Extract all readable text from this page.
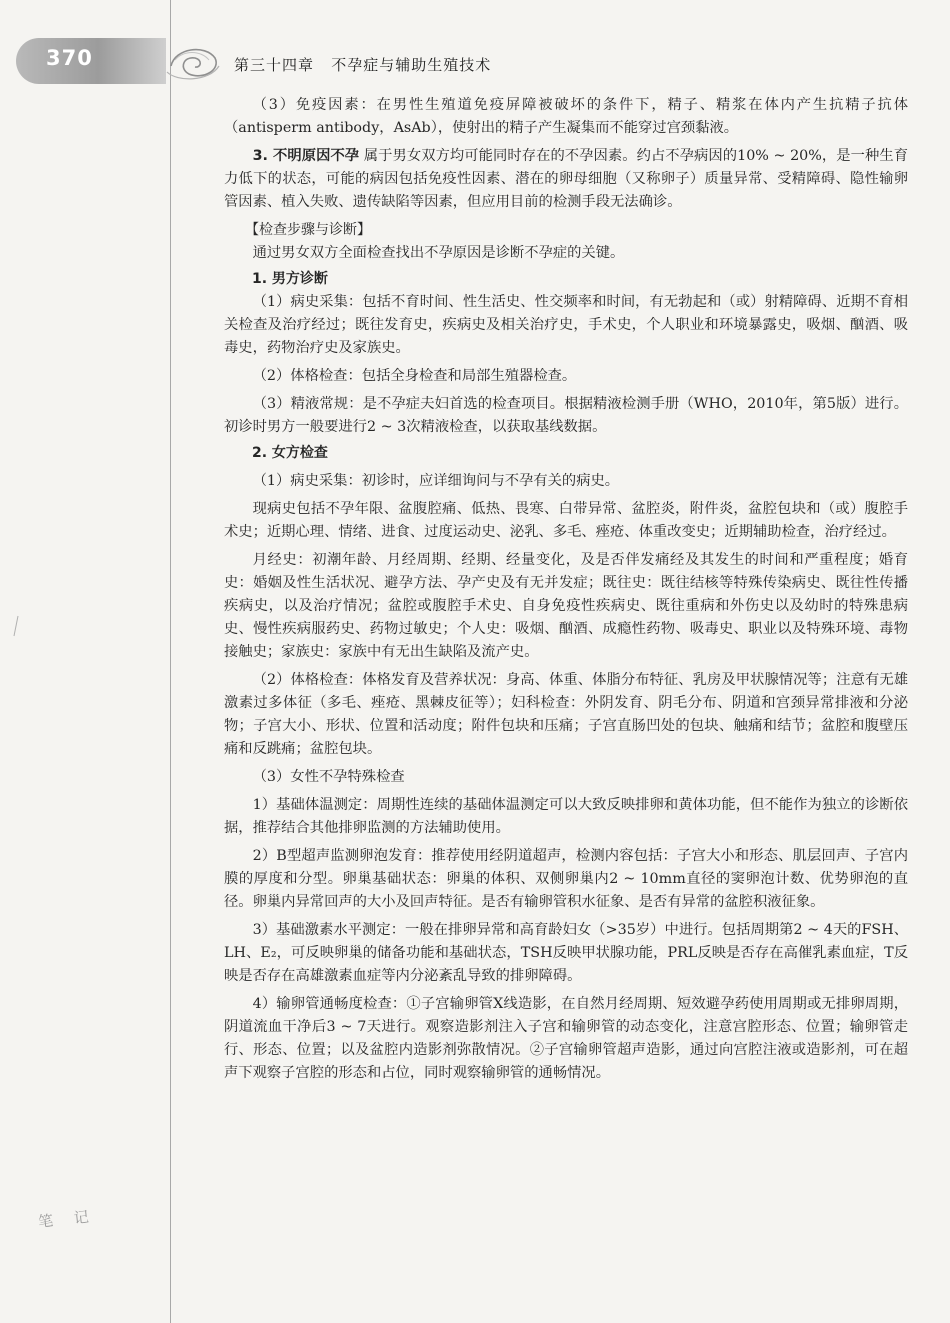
370	第三十四章   不孕症与辅助生殖技术

（3）免疫因素：在男性生殖道免疫屏障被破坏的条件下，精子、精浆在体内产生抗精子抗体（antisperm antibody，AsAb），使射出的精子产生凝集而不能穿过宫颈黏液。

3. 不明原因不孕 属于男女双方均可能同时存在的不孕因素。约占不孕病因的10% ~ 20%，是一种生育力低下的状态，可能的病因包括免疫性因素、潜在的卵母细胞（又称卵子）质量异常、受精障碍、隐性输卵管因素、植入失败、遗传缺陷等因素，但应用目前的检测手段无法确诊。

【检查步骤与诊断】

通过男女双方全面检查找出不孕原因是诊断不孕症的关键。

1. 男方诊断

（1）病史采集：包括不育时间、性生活史、性交频率和时间，有无勃起和（或）射精障碍、近期不育相关检查及治疗经过；既往发育史，疾病史及相关治疗史，手术史，个人职业和环境暴露史，吸烟、酗酒、吸毒史，药物治疗史及家族史。

（2）体格检查：包括全身检查和局部生殖器检查。

（3）精液常规：是不孕症夫妇首选的检查项目。根据精液检测手册（WHO，2010年，第5版）进行。初诊时男方一般要进行2 ~ 3次精液检查，以获取基线数据。

2. 女方检查

（1）病史采集：初诊时，应详细询问与不孕有关的病史。

现病史包括不孕年限、盆腹腔痛、低热、畏寒、白带异常、盆腔炎，附件炎，盆腔包块和（或）腹腔手术史；近期心理、情绪、进食、过度运动史、泌乳、多毛、痤疮、体重改变史；近期辅助检查，治疗经过。

月经史：初潮年龄、月经周期、经期、经量变化，及是否伴发痛经及其发生的时间和严重程度；婚育史：婚姻及性生活状况、避孕方法、孕产史及有无并发症；既往史：既往结核等特殊传染病史、既往性传播疾病史，以及治疗情况；盆腔或腹腔手术史、自身免疫性疾病史、既往重病和外伤史以及幼时的特殊患病史、慢性疾病服药史、药物过敏史；个人史：吸烟、酗酒、成瘾性药物、吸毒史、职业以及特殊环境、毒物接触史；家族史：家族中有无出生缺陷及流产史。

（2）体格检查：体格发育及营养状况：身高、体重、体脂分布特征、乳房及甲状腺情况等；注意有无雄激素过多体征（多毛、痤疮、黑棘皮征等）；妇科检查：外阴发育、阴毛分布、阴道和宫颈异常排液和分泌物；子宫大小、形状、位置和活动度；附件包块和压痛；子宫直肠凹处的包块、触痛和结节；盆腔和腹壁压痛和反跳痛；盆腔包块。

（3）女性不孕特殊检查

1）基础体温测定：周期性连续的基础体温测定可以大致反映排卵和黄体功能，但不能作为独立的诊断依据，推荐结合其他排卵监测的方法辅助使用。

2）B型超声监测卵泡发育：推荐使用经阴道超声，检测内容包括：子宫大小和形态、肌层回声、子宫内膜的厚度和分型。卵巢基础状态：卵巢的体积、双侧卵巢内2 ~ 10mm直径的窦卵泡计数、优势卵泡的直径。卵巢内异常回声的大小及回声特征。是否有输卵管积水征象、是否有异常的盆腔积液征象。

3）基础激素水平测定：一般在排卵异常和高育龄妇女（>35岁）中进行。包括周期第2 ~ 4天的FSH、LH、E₂，可反映卵巢的储备功能和基础状态，TSH反映甲状腺功能，PRL反映是否存在高催乳素血症，T反映是否存在高雄激素血症等内分泌紊乱导致的排卵障碍。

4）输卵管通畅度检查：①子宫输卵管X线造影，在自然月经周期、短效避孕药使用周期或无排卵周期，阴道流血干净后3 ~ 7天进行。观察造影剂注入子宫和输卵管的动态变化，注意宫腔形态、位置；输卵管走行、形态、位置；以及盆腔内造影剂弥散情况。②子宫输卵管超声造影，通过向宫腔注液或造影剂，可在超声下观察子宫腔的形态和占位，同时观察输卵管的通畅情况。

笔 记
